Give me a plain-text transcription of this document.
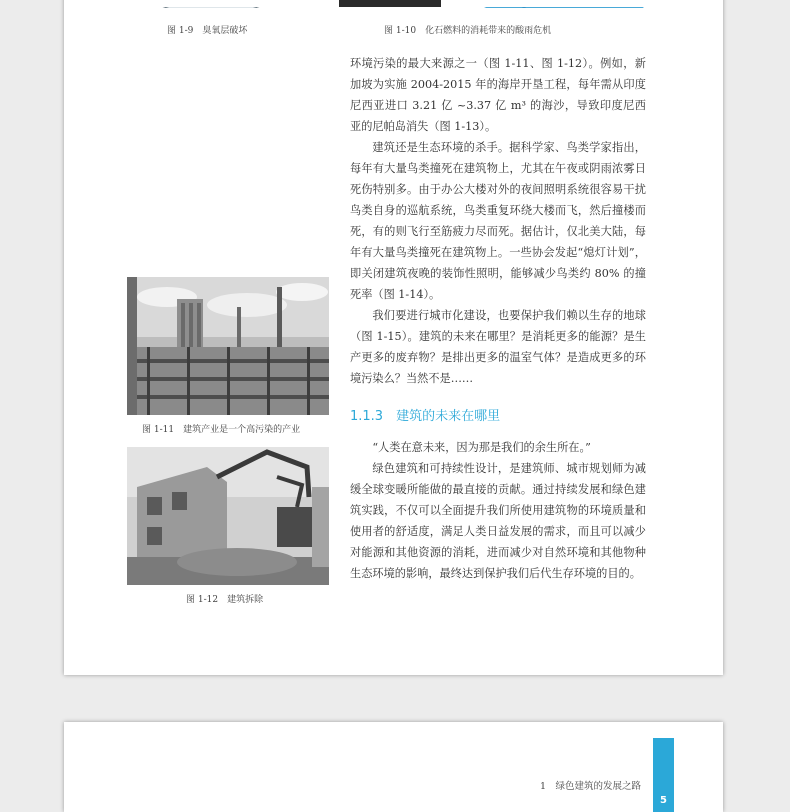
图 1-9　臭氧层破坏	图 1-10　化石燃料的消耗带来的酸雨危机
图 1-11　建筑产业是一个高污染的产业
图 1-12　建筑拆除

环境污染的最大来源之一（图 1-11、图 1-12）。例如，新加坡为实施 2004-2015 年的海岸开垦工程，每年需从印度尼西亚进口 3.21 亿 ~3.37 亿 m³ 的海沙，导致印度尼西亚的尼帕岛消失（图 1-13）。

建筑还是生态环境的杀手。据科学家、鸟类学家指出，每年有大量鸟类撞死在建筑物上，尤其在午夜或阴雨浓雾日死伤特别多。由于办公大楼对外的夜间照明系统很容易干扰鸟类自身的巡航系统，鸟类重复环绕大楼而飞，然后撞楼而死，有的则飞行至筋疲力尽而死。据估计，仅北美大陆，每年有大量鸟类撞死在建筑物上。一些协会发起“熄灯计划”，即关闭建筑夜晚的装饰性照明，能够减少鸟类约 80% 的撞死率（图 1-14）。

我们要进行城市化建设，也要保护我们赖以生存的地球（图 1-15）。建筑的未来在哪里？是消耗更多的能源？是生产更多的废弃物？是排出更多的温室气体？是造成更多的环境污染么？当然不是……

1.1.3　建筑的未来在哪里

“人类在意未来，因为那是我们的余生所在。”

绿色建筑和可持续性设计，是建筑师、城市规划师为减缓全球变暖所能做的最直接的贡献。通过持续发展和绿色建筑实践，不仅可以全面提升我们所使用建筑物的环境质量和使用者的舒适度，满足人类日益发展的需求，而且可以减少对能源和其他资源的消耗，进而减少对自然环境和其他物种生态环境的影响，最终达到保护我们后代生存环境的目的。

1　绿色建筑的发展之路
5
